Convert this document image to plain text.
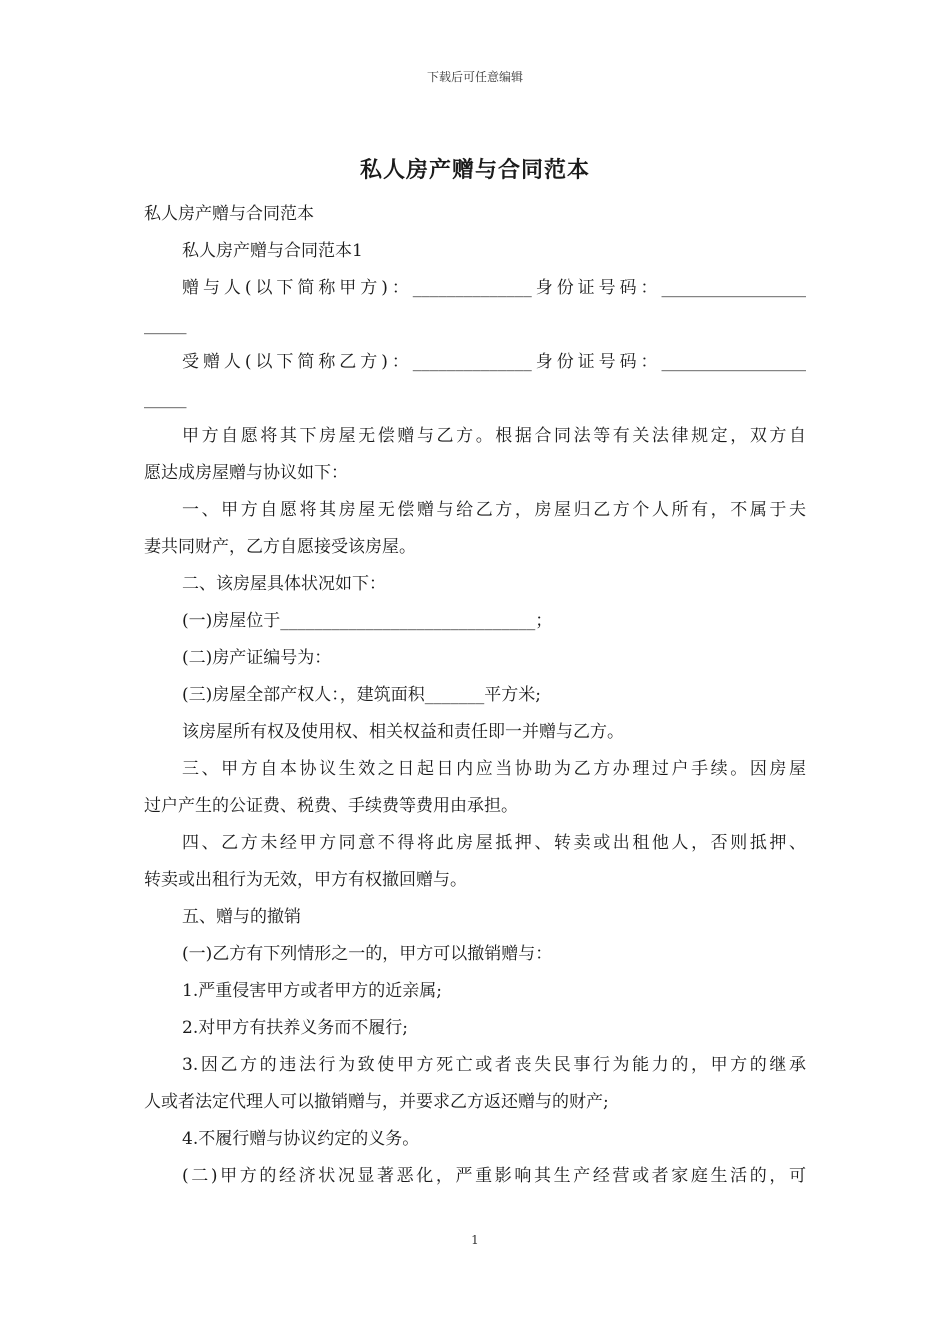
下载后可任意编辑
私人房产赠与合同范本
私人房产赠与合同范本
私人房产赠与合同范本1
赠与人(以下简称甲方)：______________身份证号码：_________________
_____
受赠人(以下简称乙方)：______________身份证号码：_________________
_____
甲方自愿将其下房屋无偿赠与乙方。根据合同法等有关法律规定，双方自
愿达成房屋赠与协议如下：
一、甲方自愿将其房屋无偿赠与给乙方，房屋归乙方个人所有，不属于夫
妻共同财产，乙方自愿接受该房屋。
二、该房屋具体状况如下：
(一)房屋位于______________________________；
(二)房产证编号为：
(三)房屋全部产权人：，建筑面积_______平方米;
该房屋所有权及使用权、相关权益和责任即一并赠与乙方。
三、甲方自本协议生效之日起日内应当协助为乙方办理过户手续。因房屋
过户产生的公证费、税费、手续费等费用由承担。
四、乙方未经甲方同意不得将此房屋抵押、转卖或出租他人，否则抵押、
转卖或出租行为无效，甲方有权撤回赠与。
五、赠与的撤销
(一)乙方有下列情形之一的，甲方可以撤销赠与：
1.严重侵害甲方或者甲方的近亲属;
2.对甲方有扶养义务而不履行;
3.因乙方的违法行为致使甲方死亡或者丧失民事行为能力的，甲方的继承
人或者法定代理人可以撤销赠与，并要求乙方返还赠与的财产;
4.不履行赠与协议约定的义务。
(二)甲方的经济状况显著恶化，严重影响其生产经营或者家庭生活的，可
1
